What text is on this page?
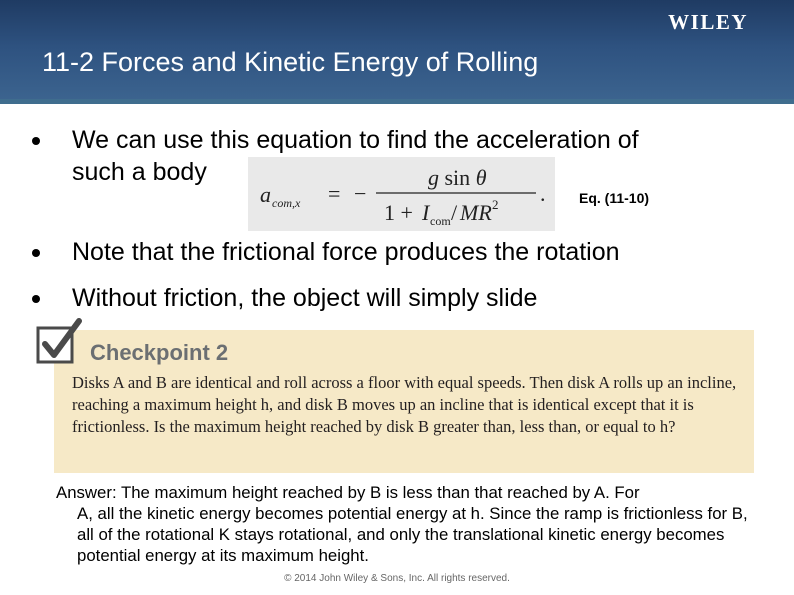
WILEY
11-2 Forces and Kinetic Energy of Rolling
We can use this equation to find the acceleration of
such a body
a com,x = −
g sin θ
1 + I com / MR 2 . Eq. (11-10)
Note that the frictional force produces the rotation
Without friction, the object will simply slide
Checkpoint 2
Disks A and B are identical and roll across a floor with equal speeds. Then disk A rolls up an incline, reaching a maximum height h, and disk B moves up an incline that is identical except that it is frictionless. Is the maximum height reached by disk B greater than, less than, or equal to h?
Answer: The maximum height reached by B is less than that reached by A. For
A, all the kinetic energy becomes potential energy at h. Since the ramp is frictionless for B, all of the rotational K stays rotational, and only the translational kinetic energy becomes potential energy at its maximum height.
© 2014 John Wiley & Sons, Inc. All rights reserved.
